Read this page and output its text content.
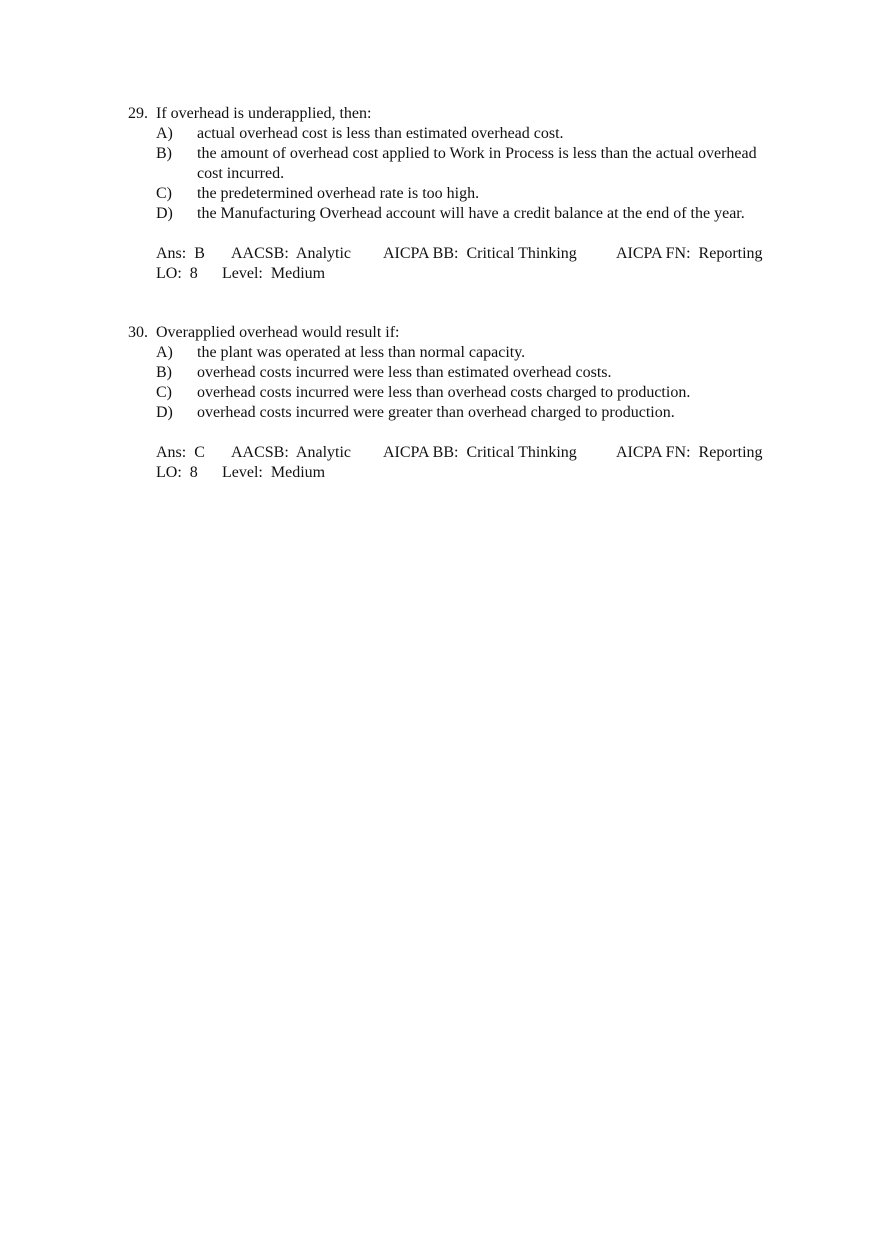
29. If overhead is underapplied, then:
A)	actual overhead cost is less than estimated overhead cost.
B)	the amount of overhead cost applied to Work in Process is less than the actual overhead cost incurred.
C)	the predetermined overhead rate is too high.
D)	the Manufacturing Overhead account will have a credit balance at the end of the year.
Ans:  B	AACSB:  Analytic	AICPA BB:  Critical Thinking	AICPA FN:  Reporting
LO:  8	Level:  Medium
30. Overapplied overhead would result if:
A)	the plant was operated at less than normal capacity.
B)	overhead costs incurred were less than estimated overhead costs.
C)	overhead costs incurred were less than overhead costs charged to production.
D)	overhead costs incurred were greater than overhead charged to production.
Ans:  C	AACSB:  Analytic	AICPA BB:  Critical Thinking	AICPA FN:  Reporting
LO:  8	Level:  Medium
